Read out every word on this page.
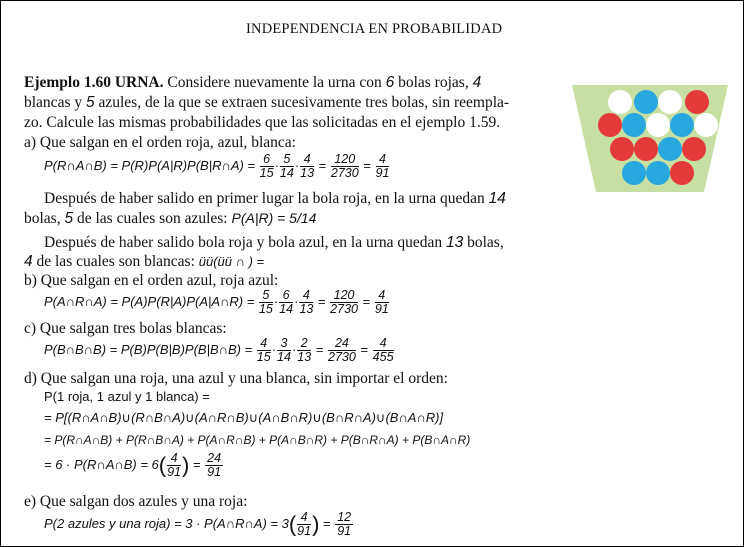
INDEPENDENCIA EN PROBABILIDAD
Ejemplo 1.60 URNA. Considere nuevamente la urna con 6 bolas rojas, 4
blancas y 5 azules, de la que se extraen sucesivamente tres bolas, sin reempla-
zo. Calcule las mismas probabilidades que las solicitadas en el ejemplo 1.59.
a) Que salgan en el orden roja, azul, blanca:
P(R∩A∩B) = P(R)P(A|R)P(B|R∩A) = $\frac{6}{15} \cdot \frac{5}{14} \cdot \frac{4}{13} = \frac{120}{2730} = \frac{4}{91}$
Después de haber salido en primer lugar la bola roja, en la urna quedan 14
bolas, 5 de las cuales son azules: P(A|R) = 5/14
Después de haber salido bola roja y bola azul, en la urna quedan 13 bolas,
4 de las cuales son blancas: üü(üü ∩ ) =
b) Que salgan en el orden azul, roja azul:
P(A∩R∩A) = P(A)P(R|A)P(A|A∩R) = $\frac{5}{15} \cdot \frac{6}{14} \cdot \frac{4}{13} = \frac{120}{2730} = \frac{4}{91}$
c) Que salgan tres bolas blancas:
P(B∩B∩B) = P(B)P(B|B)P(B|B∩B) = $\frac{4}{15} \cdot \frac{3}{14} \cdot \frac{2}{13} = \frac{24}{2730} = \frac{4}{455}$
d) Que salgan una roja, una azul y una blanca, sin importar el orden:
P(1 roja, 1 azul y 1 blanca) =
= P[(R∩A∩B)∪(R∩B∩A)∪(A∩R∩B)∪(A∩B∩R)∪(B∩R∩A)∪(B∩A∩R)]
= P(R∩A∩B) + P(R∩B∩A) + P(A∩R∩B) + P(A∩B∩R) + P(B∩R∩A) + P(B∩A∩R)
= 6 · P(R∩A∩B) = $6( \frac{4}{91}$ ) = $\frac{24}{91}$
e) Que salgan dos azules y una roja:
P(2 azules y una roja) = 3 · P(A∩R∩A) = $3( \frac{4}{91}$ ) = $\frac{12}{91}$
